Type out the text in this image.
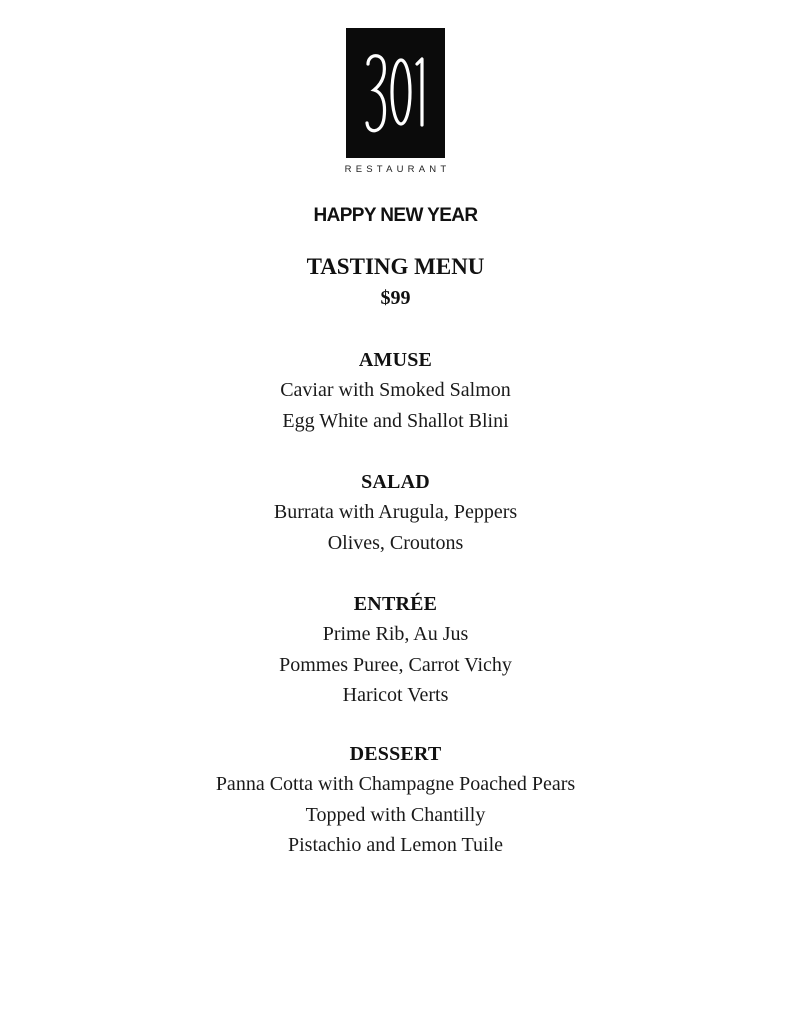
RESTAURANT
HAPPY NEW YEAR
TASTING MENU
$99
AMUSE
Caviar with Smoked Salmon
Egg White and Shallot Blini
SALAD
Burrata with Arugula, Peppers
Olives, Croutons
ENTRÉE
Prime Rib, Au Jus
Pommes Puree, Carrot Vichy
Haricot Verts
DESSERT
Panna Cotta with Champagne Poached Pears
Topped with Chantilly
Pistachio and Lemon Tuile
